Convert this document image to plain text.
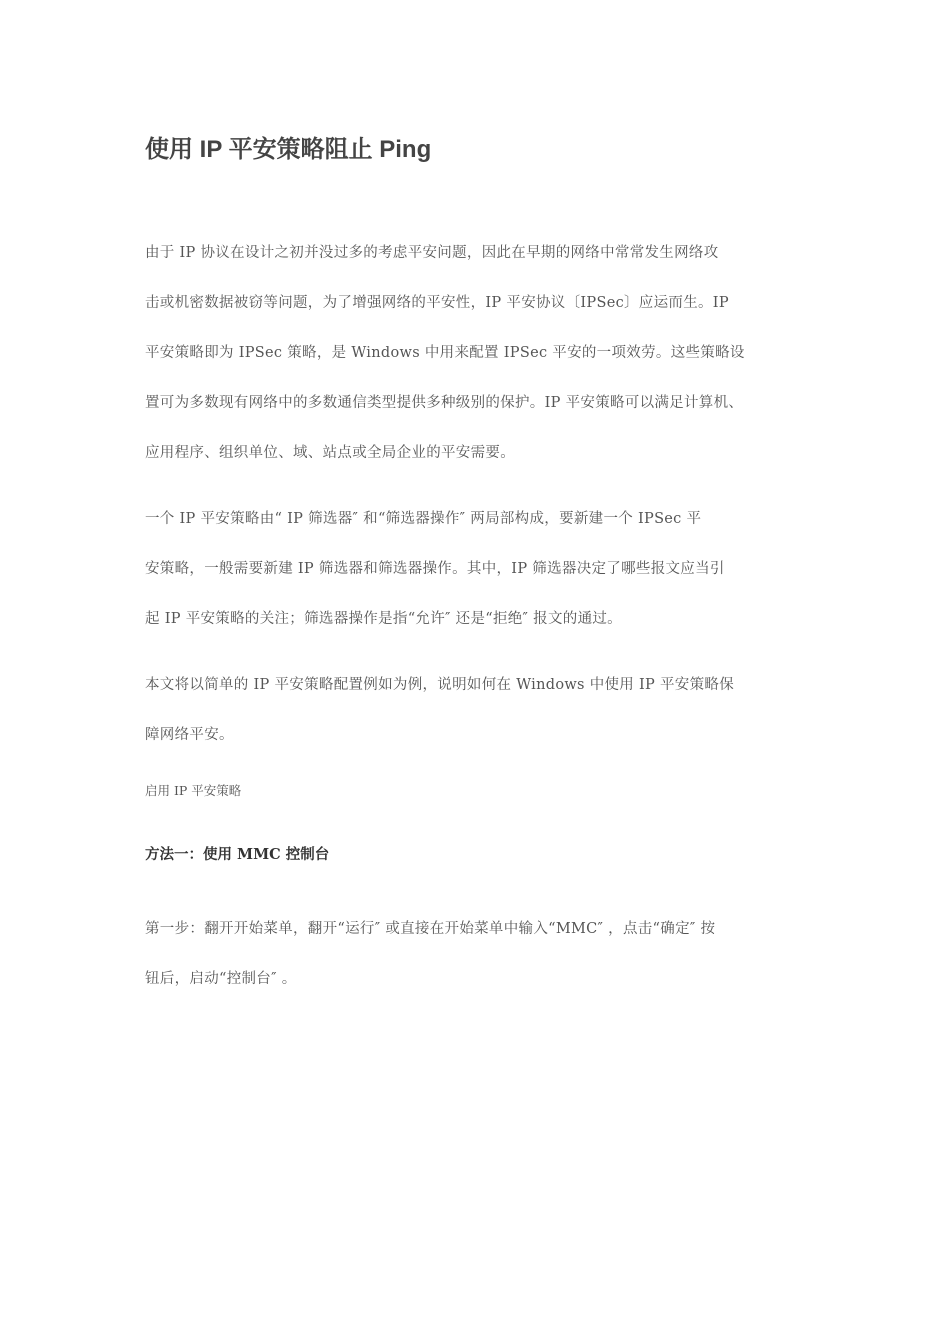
使用 IP 平安策略阻止 Ping
由于 IP 协议在设计之初并没过多的考虑平安问题，因此在早期的网络中常常发生网络攻
击或机密数据被窃等问题，为了增强网络的平安性，IP 平安协议〔IPSec〕应运而生。IP
平安策略即为 IPSec 策略，是 Windows 中用来配置 IPSec 平安的一项效劳。这些策略设
置可为多数现有网络中的多数通信类型提供多种级别的保护。IP 平安策略可以满足计算机、
应用程序、组织单位、域、站点或全局企业的平安需要。
一个 IP 平安策略由“ IP 筛选器″ 和“筛选器操作″ 两局部构成，要新建一个 IPSec 平
安策略，一般需要新建 IP 筛选器和筛选器操作。其中，IP 筛选器决定了哪些报文应当引
起 IP 平安策略的关注；筛选器操作是指“允许″ 还是“拒绝″ 报文的通过。
本文将以简单的 IP 平安策略配置例如为例，说明如何在 Windows 中使用 IP 平安策略保
障网络平安。
启用 IP 平安策略
方法一：使用 MMC 控制台
第一步：翻开开始菜单，翻开“运行″ 或直接在开始菜单中输入“MMC″ ，点击“确定″ 按
钮后，启动“控制台″ 。
